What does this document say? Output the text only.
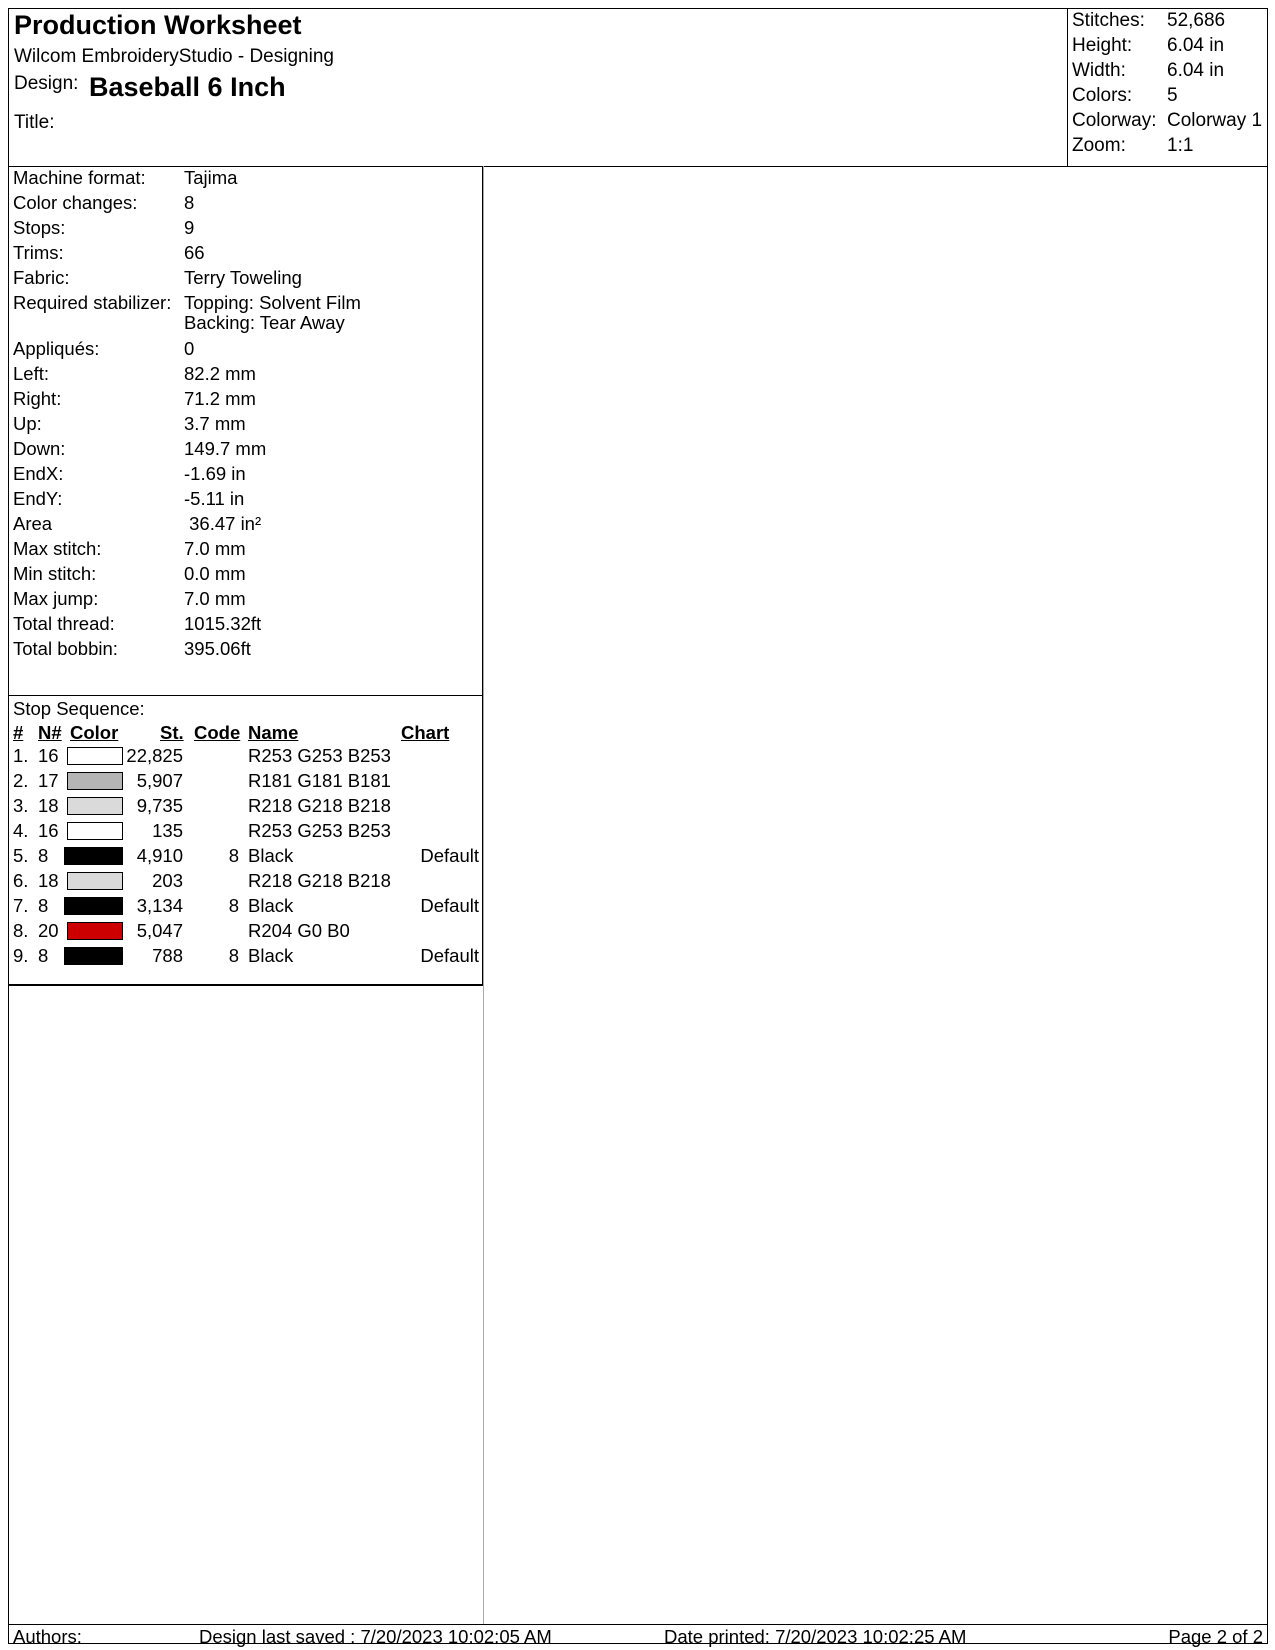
Production Worksheet
Wilcom EmbroideryStudio - Designing
Design: Baseball 6 Inch
Title:
Stitches: 52,686
Height: 6.04 in
Width: 6.04 in
Colors: 5
Colorway: Colorway 1
Zoom: 1:1
Machine format: Tajima
Color changes:	8
Stops:	9
Trims:	66
Fabric:	Terry Toweling
Required stabilizer: Topping: Solvent Film
Backing: Tear Away
Appliqués:	0
Left:	82.2 mm
Right:	71.2 mm
Up:	3.7 mm
Down:	149.7 mm
EndX:	-1.69 in
EndY:	-5.11 in
Area	36.47 in²
Max stitch:	7.0 mm
Min stitch:	0.0 mm
Max jump:	7.0 mm
Total thread:	1015.32ft
Total bobbin:	395.06ft
Stop Sequence:
# N# Color St. Code Name	Chart
1. 16	22,825	R253 G253 B253
2. 17	5,907	R181 G181 B181
3. 18	9,735	R218 G218 B218
4. 16	135	R253 G253 B253
5. 8	4,910 8 Black	Default
6. 18	203	R218 G218 B218
7. 8	3,134 8 Black	Default
8. 20	5,047	R204 G0 B0
9. 8	788 8 Black	Default
Authors:	Design last saved : 7/20/2023 10:02:05 AM	Date printed: 7/20/2023 10:02:25 AM	Page 2 of 2
